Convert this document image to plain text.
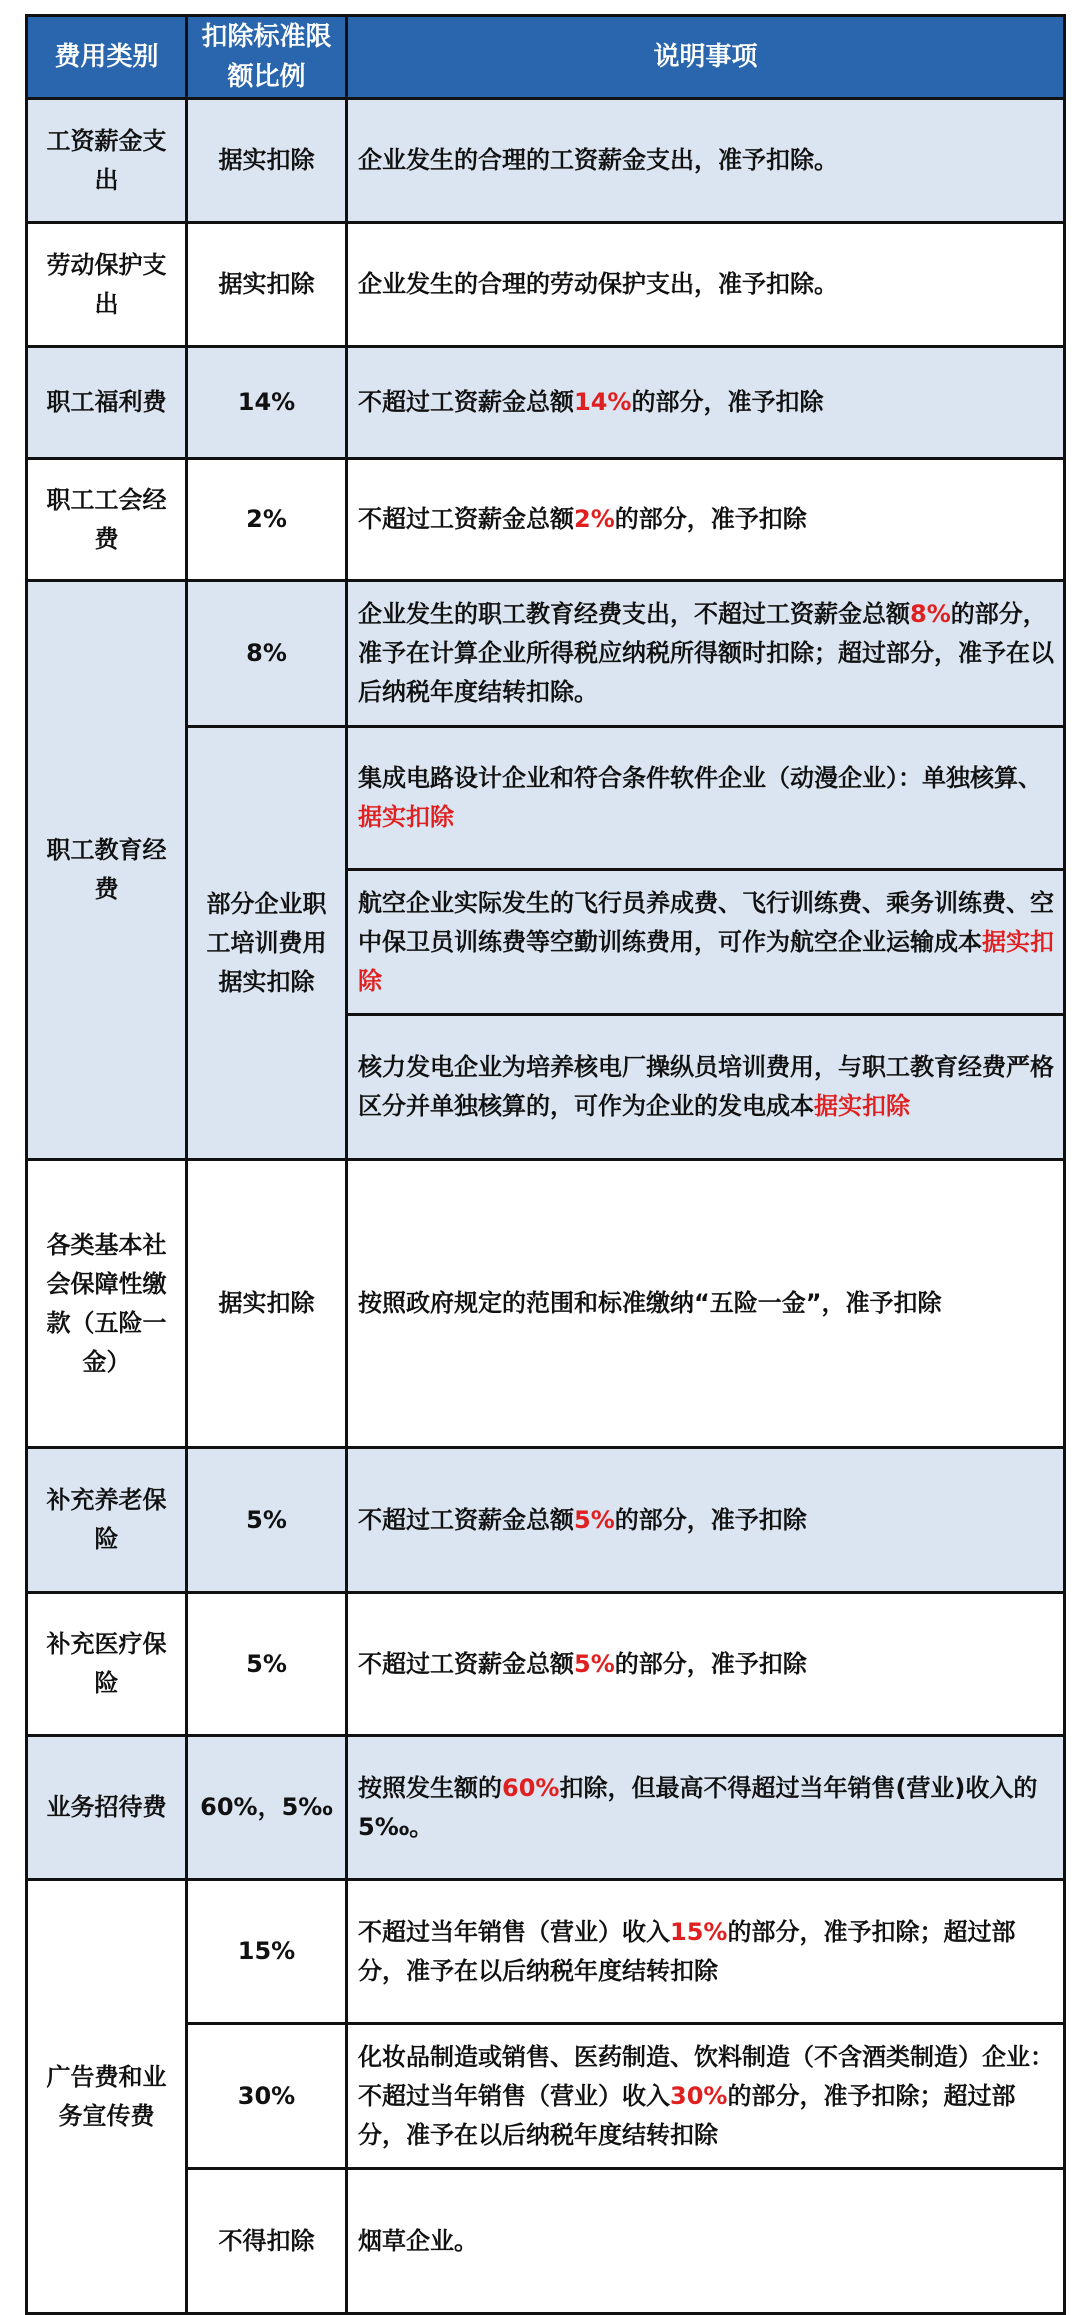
费用类别	扣除标准限额比例	说明事项
工资薪金支出	据实扣除	企业发生的合理的工资薪金支出，准予扣除。
劳动保护支出	据实扣除	企业发生的合理的劳动保护支出，准予扣除。
职工福利费	14%	不超过工资薪金总额14%的部分，准予扣除
职工工会经费	2%	不超过工资薪金总额2%的部分，准予扣除
职工教育经费	8%	企业发生的职工教育经费支出，不超过工资薪金总额8%的部分，准予在计算企业所得税应纳税所得额时扣除；超过部分，准予在以后纳税年度结转扣除。
	部分企业职工培训费用据实扣除	集成电路设计企业和符合条件软件企业（动漫企业）：单独核算、据实扣除
		航空企业实际发生的飞行员养成费、飞行训练费、乘务训练费、空中保卫员训练费等空勤训练费用，可作为航空企业运输成本据实扣除
		核力发电企业为培养核电厂操纵员培训费用，与职工教育经费严格区分并单独核算的，可作为企业的发电成本据实扣除
各类基本社会保障性缴款（五险一金）	据实扣除	按照政府规定的范围和标准缴纳“五险一金”，准予扣除
补充养老保险	5%	不超过工资薪金总额5%的部分，准予扣除
补充医疗保险	5%	不超过工资薪金总额5%的部分，准予扣除
业务招待费	60%，5‰	按照发生额的60%扣除，但最高不得超过当年销售(营业)收入的5‰。
广告费和业务宣传费	15%	不超过当年销售（营业）收入15%的部分，准予扣除；超过部分，准予在以后纳税年度结转扣除
	30%	化妆品制造或销售、医药制造、饮料制造（不含酒类制造）企业：不超过当年销售（营业）收入30%的部分，准予扣除；超过部分，准予在以后纳税年度结转扣除
	不得扣除	烟草企业。
